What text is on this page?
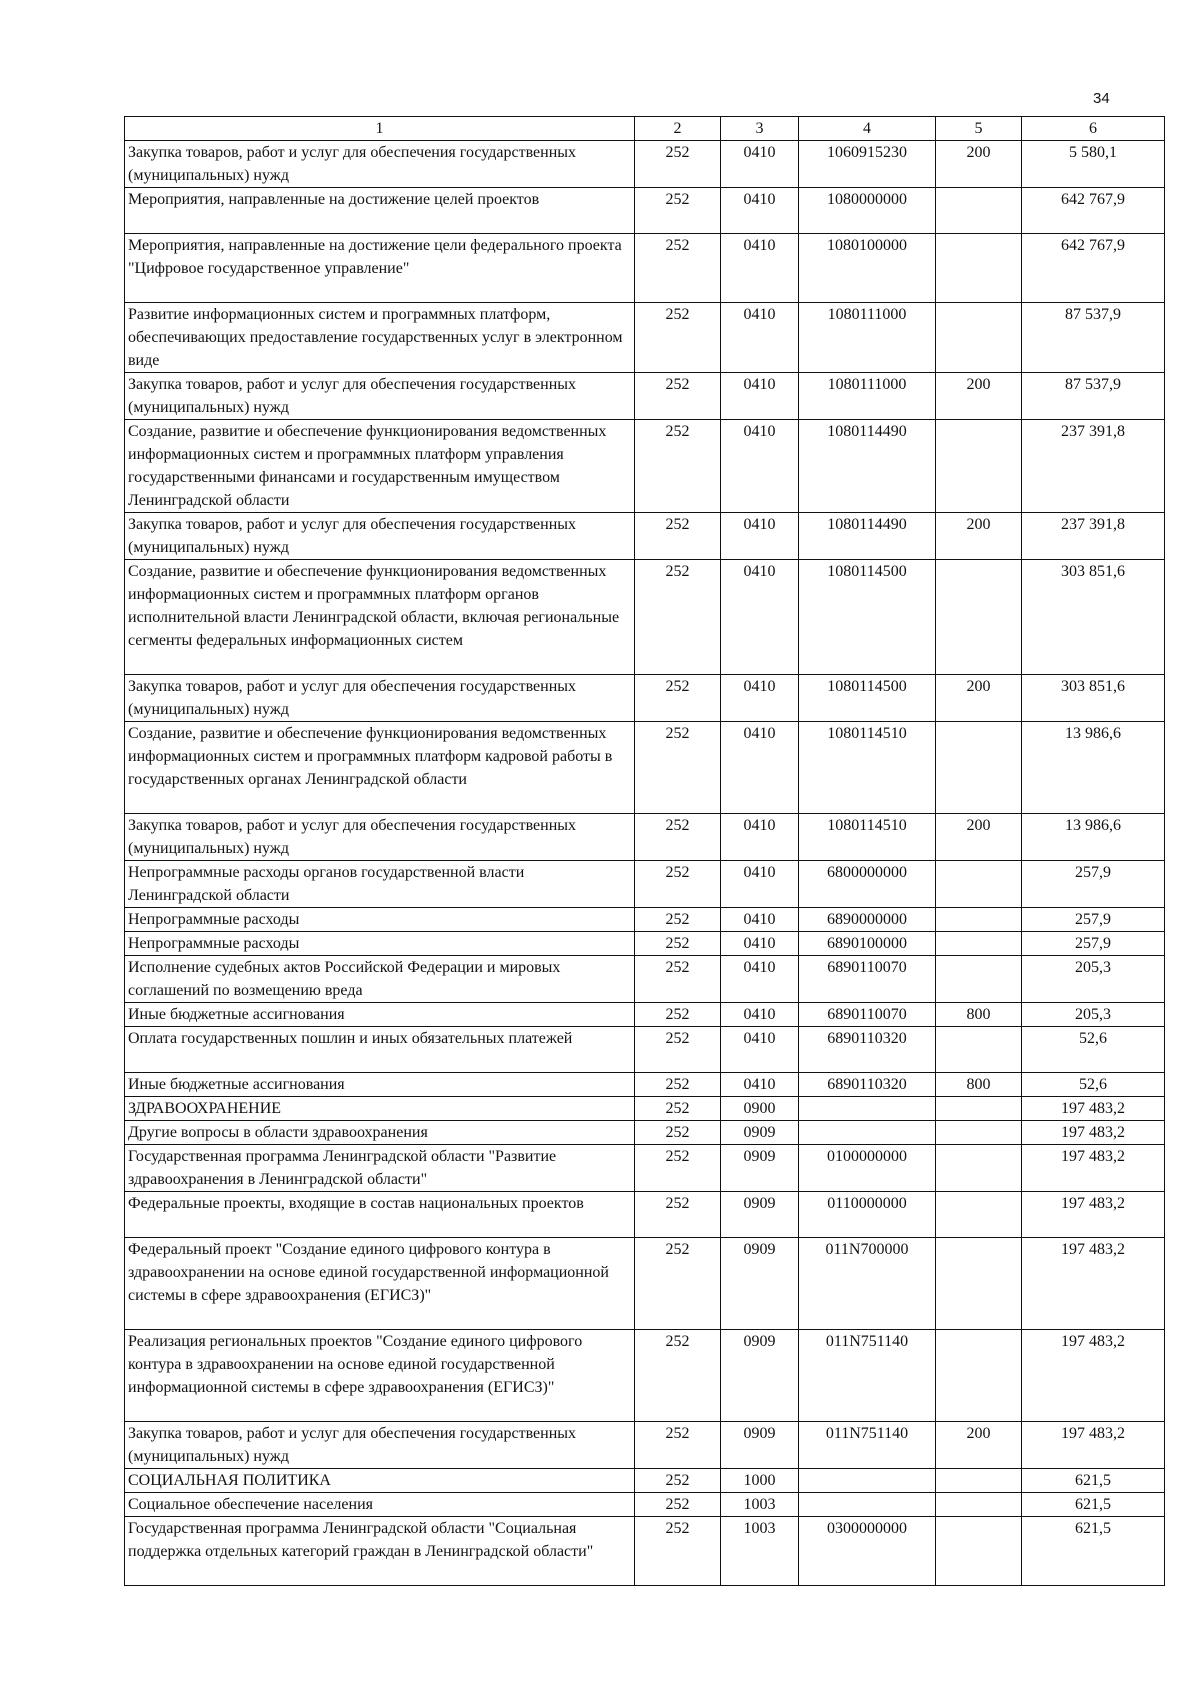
34
1	2	3	4	5	6
Закупка товаров, работ и услуг для обеспечения государственных (муниципальных) нужд	252	0410	1060915230	200	5 580,1
Мероприятия, направленные на достижение целей проектов	252	0410	1080000000		642 767,9
Мероприятия, направленные на достижение цели федерального проекта "Цифровое государственное управление"	252	0410	1080100000		642 767,9
Развитие информационных систем и программных платформ, обеспечивающих предоставление государственных услуг в электронном виде	252	0410	1080111000		87 537,9
Закупка товаров, работ и услуг для обеспечения государственных (муниципальных) нужд	252	0410	1080111000	200	87 537,9
Создание, развитие и обеспечение функционирования ведомственных информационных систем и программных платформ управления государственными финансами и государственным имуществом Ленинградской области	252	0410	1080114490		237 391,8
Закупка товаров, работ и услуг для обеспечения государственных (муниципальных) нужд	252	0410	1080114490	200	237 391,8
Создание, развитие и обеспечение функционирования ведомственных информационных систем и программных платформ органов исполнительной власти Ленинградской области, включая региональные сегменты федеральных информационных систем	252	0410	1080114500		303 851,6
Закупка товаров, работ и услуг для обеспечения государственных (муниципальных) нужд	252	0410	1080114500	200	303 851,6
Создание, развитие и обеспечение функционирования ведомственных информационных систем и программных платформ кадровой работы в государственных органах Ленинградской области	252	0410	1080114510		13 986,6
Закупка товаров, работ и услуг для обеспечения государственных (муниципальных) нужд	252	0410	1080114510	200	13 986,6
Непрограммные расходы органов государственной власти Ленинградской области	252	0410	6800000000		257,9
Непрограммные расходы	252	0410	6890000000		257,9
Непрограммные расходы	252	0410	6890100000		257,9
Исполнение судебных актов Российской Федерации и мировых соглашений по возмещению вреда	252	0410	6890110070		205,3
Иные бюджетные ассигнования	252	0410	6890110070	800	205,3
Оплата государственных пошлин и иных обязательных платежей	252	0410	6890110320		52,6
Иные бюджетные ассигнования	252	0410	6890110320	800	52,6
ЗДРАВООХРАНЕНИЕ	252	0900			197 483,2
Другие вопросы в области здравоохранения	252	0909			197 483,2
Государственная программа Ленинградской области "Развитие здравоохранения в Ленинградской области"	252	0909	0100000000		197 483,2
Федеральные проекты, входящие в состав национальных проектов	252	0909	0110000000		197 483,2
Федеральный проект "Создание единого цифрового контура в здравоохранении на основе единой государственной информационной системы в сфере здравоохранения (ЕГИСЗ)"	252	0909	011N700000		197 483,2
Реализация региональных проектов "Создание единого цифрового контура в здравоохранении на основе единой государственной информационной системы в сфере здравоохранения (ЕГИСЗ)"	252	0909	011N751140		197 483,2
Закупка товаров, работ и услуг для обеспечения государственных (муниципальных) нужд	252	0909	011N751140	200	197 483,2
СОЦИАЛЬНАЯ ПОЛИТИКА	252	1000			621,5
Социальное обеспечение населения	252	1003			621,5
Государственная программа Ленинградской области "Социальная поддержка отдельных категорий граждан в Ленинградской области"	252	1003	0300000000		621,5
